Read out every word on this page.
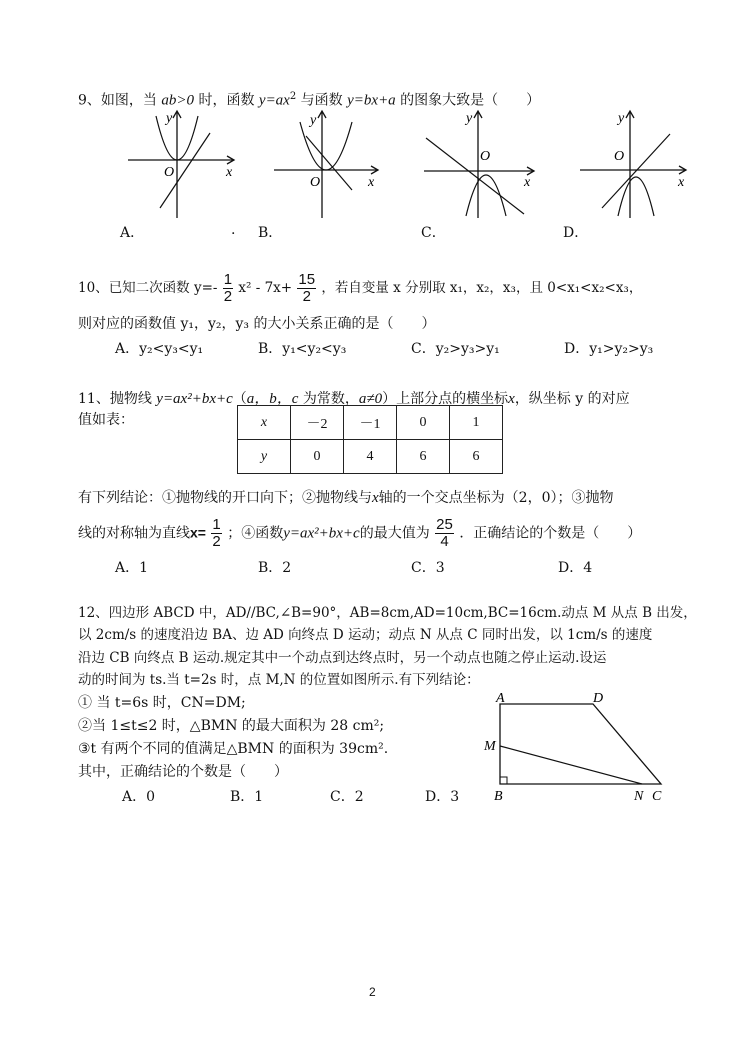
9、如图，当 ab>0 时，函数 $y=ax^2$ 与函数 y=bx+a 的图象大致是（　　）
y
x
O
y
x
O
y
x
O
y
x
O
A．	. B．	C．	D．
10、已知二次函数 $y=- \frac{1}{2} x^2 - 7x+ \frac{15}{2}$ ，若自变量 x 分别取 x₁，x₂，x₃，且 0<x₁<x₂<x₃，
则对应的函数值 y₁，y₂，y₃ 的大小关系正确的是（　　）
A．y₂<y₃<y₁	B．y₁<y₂<y₃	C．y₂>y₃>y₁	D．y₁>y₂>y₃
11、抛物线 y=ax²+bx+c（a，b，c 为常数，a≠0）上部分点的横坐标x，纵坐标 y 的对应
值如表：	x	－2	－1	0	1
y	0	4	6	6
有下列结论：①抛物线的开口向下；②抛物线与x轴的一个交点坐标为（2，0）；③抛物
线的对称轴为直线$x= \frac{1}{2}$ ；④函数y=ax²+bx+c的最大值为 $\frac{25}{4}$ ．正确结论的个数是（　　）
A．1	B．2	C．3	D．4
12、四边形 ABCD 中，AD//BC,∠B=90°，AB=8cm,AD=10cm,BC=16cm.动点 M 从点 B 出发，
以 2cm/s 的速度沿边 BA、边 AD 向终点 D 运动；动点 N 从点 C 同时出发，以 1cm/s 的速度
沿边 CB 向终点 B 运动.规定其中一个动点到达终点时，另一个动点也随之停止运动.设运
动的时间为 ts.当 t=2s 时，点 M,N 的位置如图所示.有下列结论：
① 当 t=6s 时，CN=DM;
②当 1≤t≤2 时，△BMN 的最大面积为 28 cm²;
③t 有两个不同的值满足△BMN 的面积为 39cm².
其中，正确结论的个数是（　　）
A．0	B．1	C．2	D．3
A	D
M
B	N C
2
